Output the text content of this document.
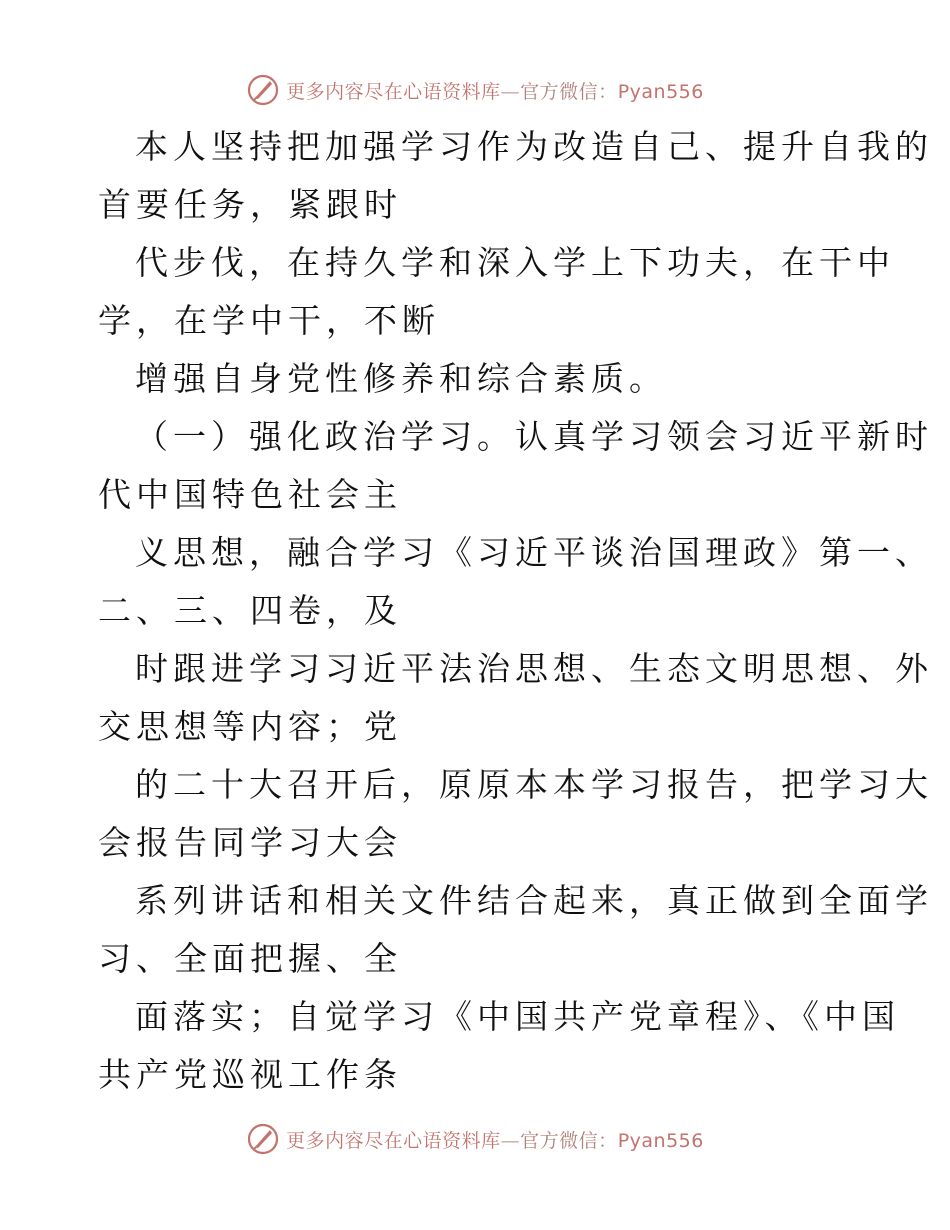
更多内容尽在心语资料库—官方微信：Pyan556
本人坚持把加强学习作为改造自己、提升自我的
首要任务，紧跟时
代步伐，在持久学和深入学上下功夫，在干中
学，在学中干，不断
增强自身党性修养和综合素质。
（一）强化政治学习。认真学习领会习近平新时
代中国特色社会主
义思想，融合学习《习近平谈治国理政》第一、
二、三、四卷，及
时跟进学习习近平法治思想、生态文明思想、外
交思想等内容；党
的二十大召开后，原原本本学习报告，把学习大
会报告同学习大会
系列讲话和相关文件结合起来，真正做到全面学
习、全面把握、全
面落实；自觉学习《中国共产党章程》、《中国
共产党巡视工作条
更多内容尽在心语资料库—官方微信：Pyan556
